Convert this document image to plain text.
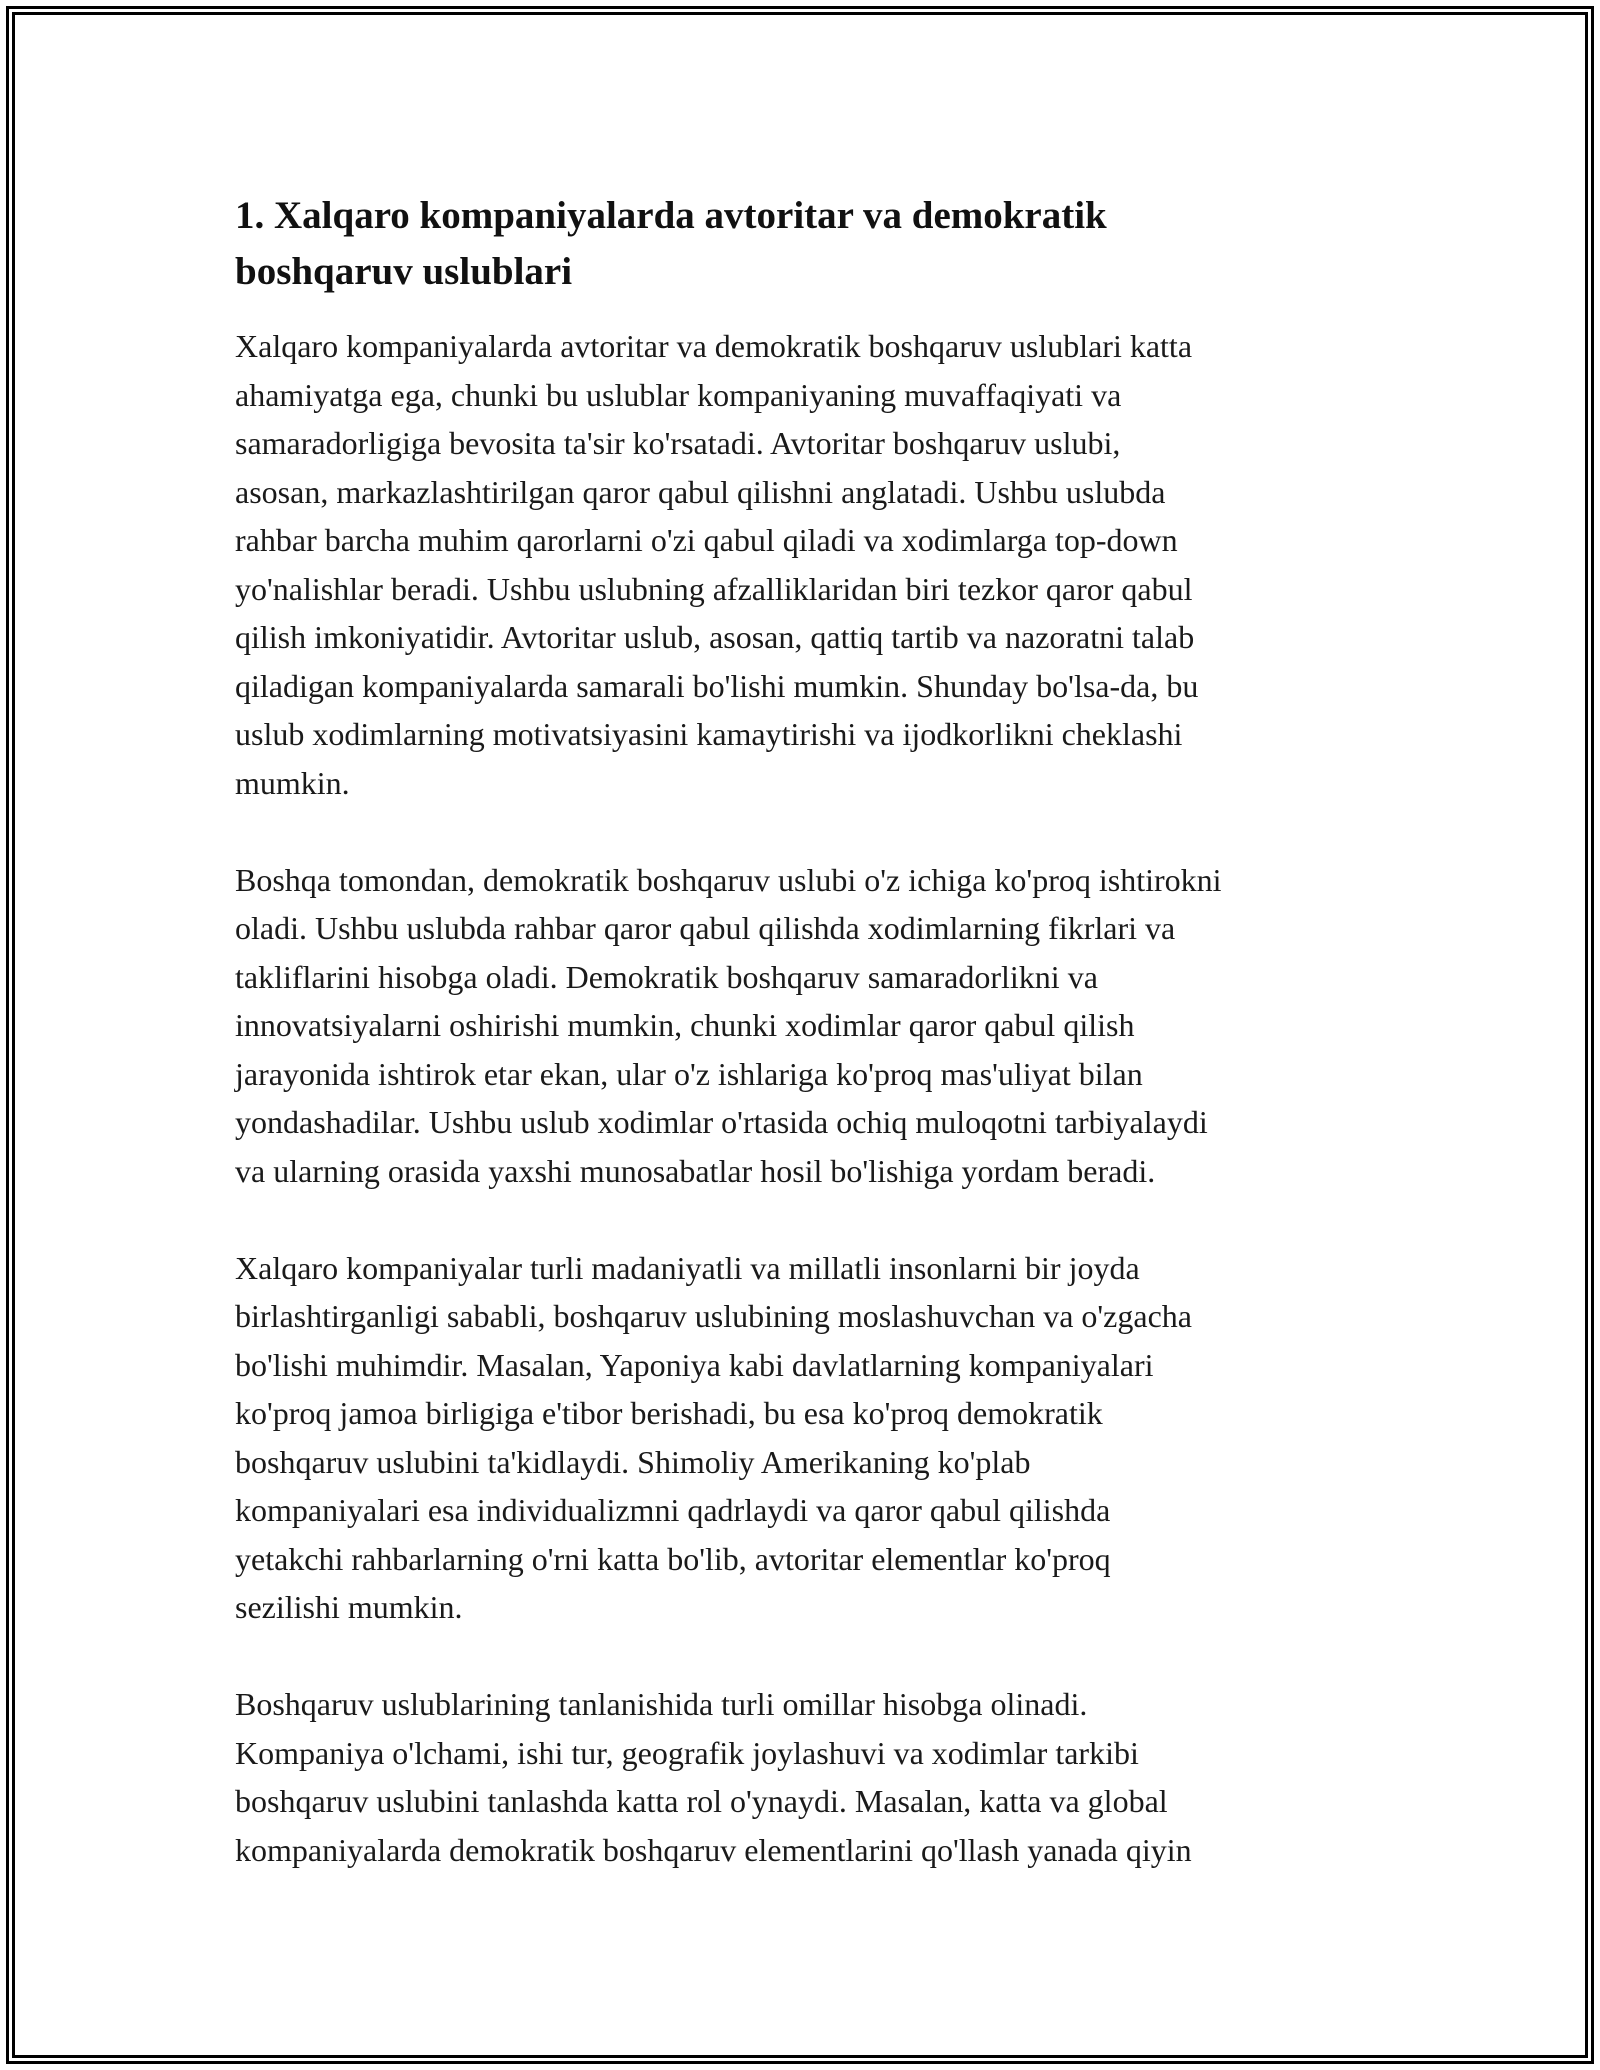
1. Xalqaro kompaniyalarda avtoritar va demokratik
boshqaruv uslublari

Xalqaro kompaniyalarda avtoritar va demokratik boshqaruv uslublari katta
ahamiyatga ega, chunki bu uslublar kompaniyaning muvaffaqiyati va
samaradorligiga bevosita ta'sir ko'rsatadi. Avtoritar boshqaruv uslubi,
asosan, markazlashtirilgan qaror qabul qilishni anglatadi. Ushbu uslubda
rahbar barcha muhim qarorlarni o'zi qabul qiladi va xodimlarga top-down
yo'nalishlar beradi. Ushbu uslubning afzalliklaridan biri tezkor qaror qabul
qilish imkoniyatidir. Avtoritar uslub, asosan, qattiq tartib va nazoratni talab
qiladigan kompaniyalarda samarali bo'lishi mumkin. Shunday bo'lsa-da, bu
uslub xodimlarning motivatsiyasini kamaytirishi va ijodkorlikni cheklashi
mumkin.

Boshqa tomondan, demokratik boshqaruv uslubi o'z ichiga ko'proq ishtirokni
oladi. Ushbu uslubda rahbar qaror qabul qilishda xodimlarning fikrlari va
takliflarini hisobga oladi. Demokratik boshqaruv samaradorlikni va
innovatsiyalarni oshirishi mumkin, chunki xodimlar qaror qabul qilish
jarayonida ishtirok etar ekan, ular o'z ishlariga ko'proq mas'uliyat bilan
yondashadilar. Ushbu uslub xodimlar o'rtasida ochiq muloqotni tarbiyalaydi
va ularning orasida yaxshi munosabatlar hosil bo'lishiga yordam beradi.

Xalqaro kompaniyalar turli madaniyatli va millatli insonlarni bir joyda
birlashtirganligi sababli, boshqaruv uslubining moslashuvchan va o'zgacha
bo'lishi muhimdir. Masalan, Yaponiya kabi davlatlarning kompaniyalari
ko'proq jamoa birligiga e'tibor berishadi, bu esa ko'proq demokratik
boshqaruv uslubini ta'kidlaydi. Shimoliy Amerikaning ko'plab
kompaniyalari esa individualizmni qadrlaydi va qaror qabul qilishda
yetakchi rahbarlarning o'rni katta bo'lib, avtoritar elementlar ko'proq
sezilishi mumkin.

Boshqaruv uslublarining tanlanishida turli omillar hisobga olinadi.
Kompaniya o'lchami, ishi tur, geografik joylashuvi va xodimlar tarkibi
boshqaruv uslubini tanlashda katta rol o'ynaydi. Masalan, katta va global
kompaniyalarda demokratik boshqaruv elementlarini qo'llash yanada qiyin
